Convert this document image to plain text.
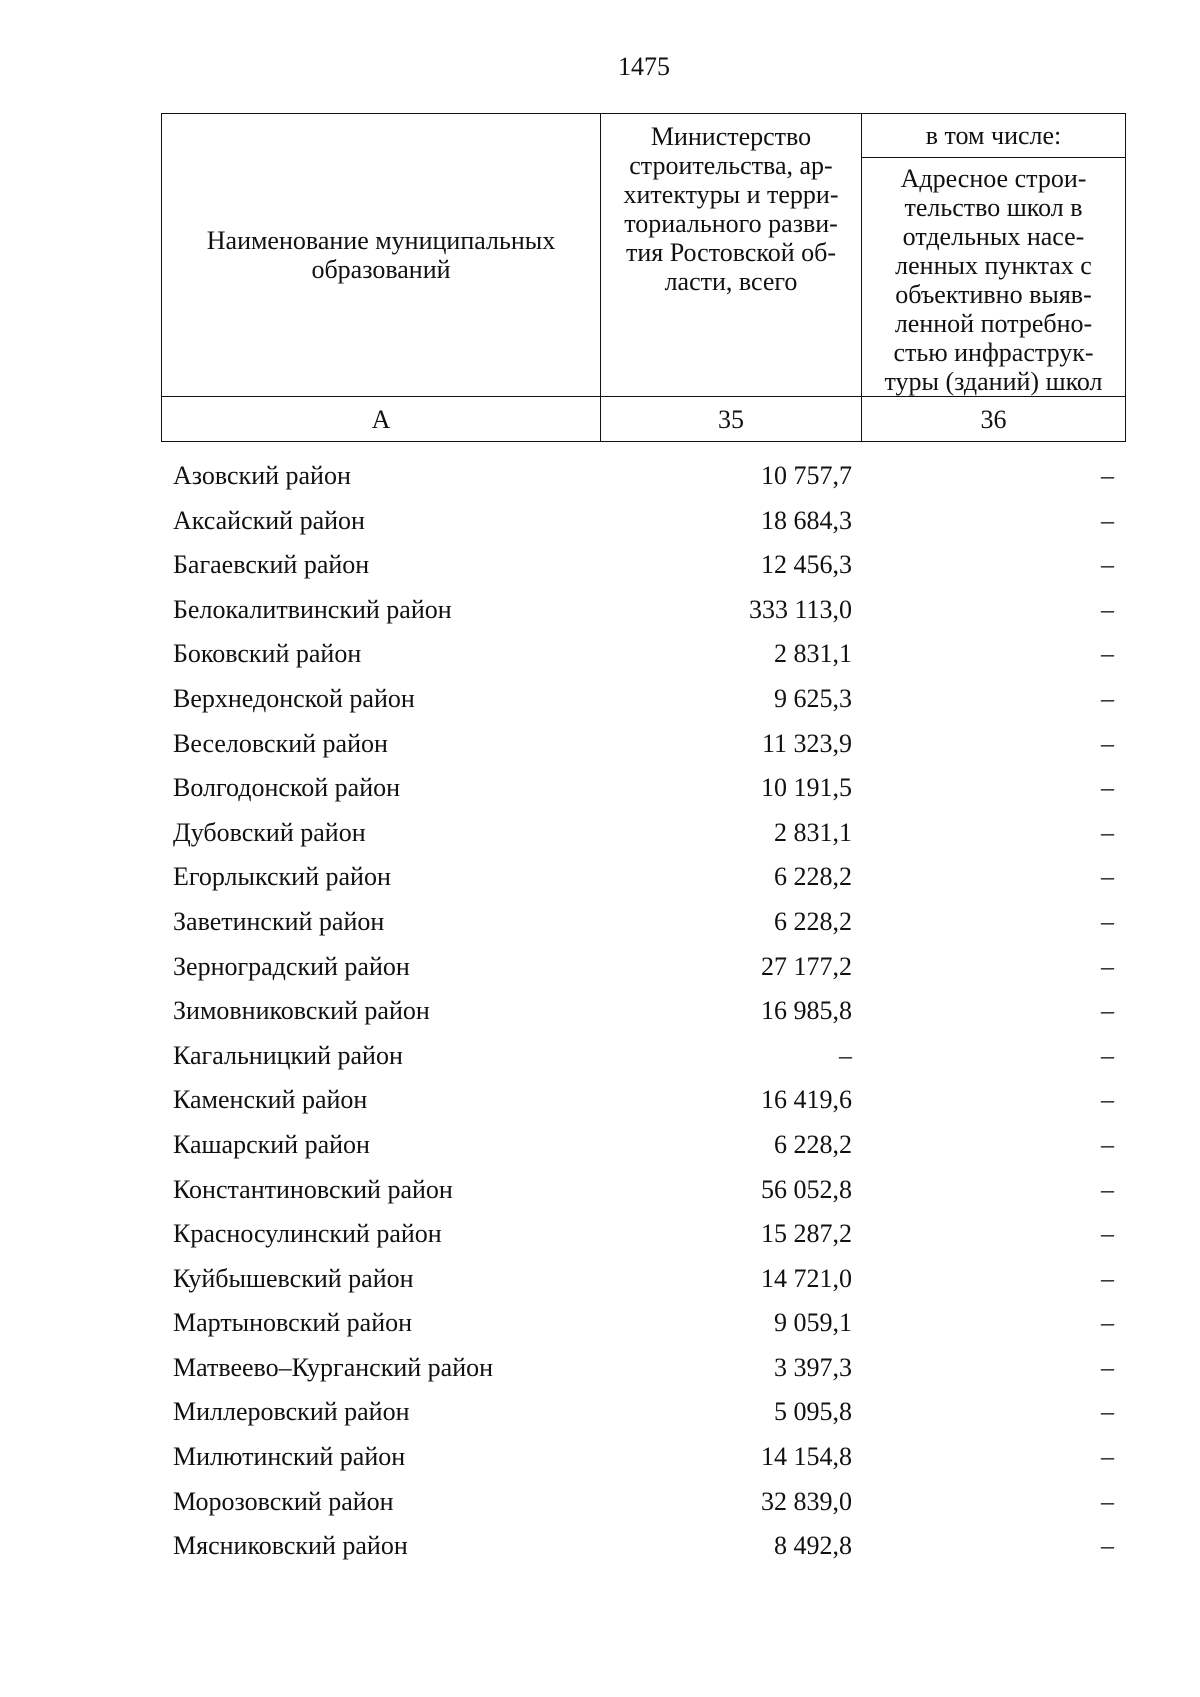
1475
Наименование муниципальных образований	Министерство строительства, ар-хитектуры и терри-ториального разви-тия Ростовской об-ласти, всего	в том числе:
		Адресное строи-тельство школ в отдельных насе-ленных пунктах с объективно выяв-ленной потребно-стью инфраструк-туры (зданий) школ
А	35	36
Азовский район	10 757,7	–
Аксайский район	18 684,3	–
Багаевский район	12 456,3	–
Белокалитвинский район	333 113,0	–
Боковский район	2 831,1	–
Верхнедонской район	9 625,3	–
Веселовский район	11 323,9	–
Волгодонской район	10 191,5	–
Дубовский район	2 831,1	–
Егорлыкский район	6 228,2	–
Заветинский район	6 228,2	–
Зерноградский район	27 177,2	–
Зимовниковский район	16 985,8	–
Кагальницкий район	–	–
Каменский район	16 419,6	–
Кашарский район	6 228,2	–
Константиновский район	56 052,8	–
Красносулинский район	15 287,2	–
Куйбышевский район	14 721,0	–
Мартыновский район	9 059,1	–
Матвеево–Курганский район	3 397,3	–
Миллеровский район	5 095,8	–
Милютинский район	14 154,8	–
Морозовский район	32 839,0	–
Мясниковский район	8 492,8	–
